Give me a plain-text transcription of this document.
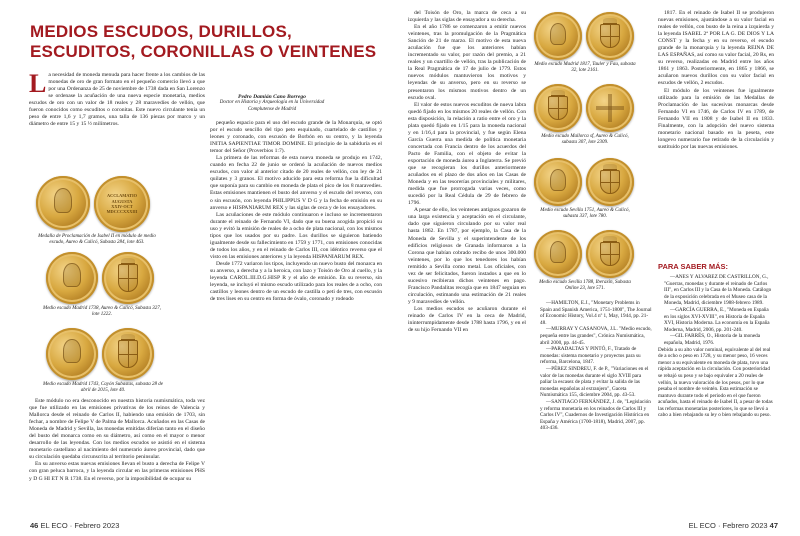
MEDIOS ESCUDOS, DURILLOS,
ESCUDITOS, CORONILLAS O VEINTENES
L a necesidad de moneda menuda para hacer frente a los cambios de las monedas de oro de gran formato en el pequeño comercio llevó a que por una Ordenanza de 25 de noviembre de 1738 dada en San Lorenzo se ordenase la acuñación de una nueva especie monetaria, medios escudos de oro con un valor de 18 reales y 28 maravedíes de vellón, que fueron conocidos como escuditos o coronitas. Este nuevo circulante tenía un peso de entre 1,6 y 1,7 gramos, una talla de 136 piezas por marco y un diámetro de entre 15 y 15 ½ milímetros.
Pedro Damián Cano Borrego
Doctor en Historia y Arqueología en la Universidad Complutense de Madrid
ACCLAMATIO
AUGUSTA
XXIV-OCT
MDCCCXXXIII
Medalla de Proclamación de Isabel II en módulo de medio escudo, Aureo & Calicó, Subasta 284, lote 463.
Medio escudo Madrid 1738, Aureo & Calicó, Subasta 327, lote 1222.
Medio escudo Madrid 1743, Cayón Subastas, subasta 28 de abril de 2015, lote 40.

Este módulo no era desconocido en nuestra historia numismática, toda vez que fue utilizado en las emisiones privativas de los reinos de Valencia y Mallorca desde el reinado de Carlos II, habiendo una emisión de 1703, sin fechar, a nombre de Felipe V de Palma de Mallorca. Acuñados en las Casas de Moneda de Madrid y Sevilla, las monedas emitidas diferían tanto en el diseño del busto del monarca como en su diámetro, así como en el mayor o menor desarrollo de las leyendas. Con los medios escudos se asistió en el sistema monetario castellano al nacimiento del numerario áureo provincial, dado que su circulación quedaba circunscrita al territorio peninsular.

En su anverso estas nuevas emisiones llevan el busto a derecha de Felipe V con gran peluca barroca, y la leyenda circular en las primeras emisiones PHS y D G HI ET N R 1738. En el reverso, por la imposibilidad de ocupar su

pequeño espacio para el uso del escudo grande de la Monarquía, se optó por el escudo sencillo del tipo peto esquinado, cuartelado de castillos y leones y coronado, con escusón de Borbón en su centro, y la leyenda INITIA SAPIENTIAE TIMOR DOMINE. El principio de la sabiduría es el temor del Señor (Proverbios 1:7).

La primera de las reformas de esta nueva moneda se produjo en 1742, cuando en fecha 22 de junio se ordenó la acuñación de nuevos medios escudos, con valor al anterior citado de 20 reales de vellón, con ley de 21 quilates y 3 granos. El motivo aducido para esta reforma fue la dificultad que suponía para su cambio en moneda de plata el pico de los 8 maravedíes. Estas emisiones mantienen el busto del anverso y el escudo del reverso, con o sin escusón, con leyenda PHILIPPUS V D G y la fecha de emisión en su anverso e HISPANIARUM REX y las siglas de ceca y de los ensayadores.

Las acuñaciones de este módulo continuaron e incluso se incrementaron durante el reinado de Fernando VI, dado que su buena acogida propició su uso y evitó la emisión de reales de a ocho de plata nacional, con los mismos tipos que los usados por su padre. Los durillos se siguieron batiendo igualmente desde su fallecimiento en 1759 y 1771, con emisiones conocidas de todos los años, y en el reinado de Carlos III, con idéntico reverso que el visto en las emisiones anteriores y la leyenda HISPANIARUM REX.

Desde 1772 variaron los tipos, incluyendo un nuevo busto del monarca en su anverso, a derecha y a la heroica, con lazo y Toisón de Oro al cuello, y la leyenda CAROL.III.D.G.HISP R y el año de emisión. En su reverso, sin leyenda, se incluyó el mismo escudo utilizado para los reales de a ocho, con castillos y leones dentro de un escudo de castilla o peti de tres, con escusón de tres lises en su centro en forma de óvalo, coronado y rodeado

46 EL ECO · Febrero 2023

del Toisón de Oro, la marca de ceca a su izquierda y las siglas de ensayador a su derecha.

En el año 1786 se comenzaron a emitir nuevos veintenes, tras la promulgación de la Pragmática Sanción de 21 de marzo. El motivo de esta nueva acuñación fue que los anteriores habían incrementado su valor, por razón del premio, a 21 reales y un cuartillo de vellón, tras la publicación de la Real Pragmática de 17 de julio de 1779. Estos nuevos módulos mantuvieron los motivos y leyendas de su anverso, pero en su reverso se presentaron los mismos motivos dentro de un escudo oval.

El valor de estos nuevos escuditos de nueva labra quedó fijado en los mismos 20 reales de vellón. Con esta disposición, la relación a ratio entre el oro y la plata quedó fijado en 1/15 para la moneda nacional y en 1/16,4 para la provincial, y fue según Elena García Guerra una medida de política monetaria concertada con Francia dentro de los acuerdos del Pacto de Familia, con el objeto de evitar la exportación de moneda áurea a Inglaterra. Se previó que se recogieran los durillos anteriormente acuñados en el plazo de dos años en las Casas de Moneda y en las tesorerías provinciales y militares, medida que fue prorrogada varias veces, como sucedió por la Real Cédula de 29 de febrero de 1796.

A pesar de ello, los veintenes antiguos gozaron de una larga existencia y aceptación en el circulante, dado que siguieron circulando por su valor real hasta 1862. En 1787, por ejemplo, la Casa de la Moneda de Sevilla y el superintendente de los edificios religiosos de Granada informaron a la Corona que habían cobrado recibo de unos 300.000 veintenes, por lo que los tenedores los habían remitido a Sevilla como metal. Los oficiales, con vez de ser felicitados, fueron instados a que en lo sucesivo recibieran dichos veintenes en pago. Francisco Pandalitas recogía que en 1847 seguían en circulación, estimando una estimación de 21 reales y 9 maravedíes de vellón.

Los medios escudos se acuñaron durante el reinado de Carlos IV en la ceca de Madrid, ininterrumpidamente desde 1788 hasta 1796, y en el de su hijo Fernando VII en

Medio escudo Madrid 1817, Tauler y Fau, subasta 32, lote 2161.
Medio escudo Mallorca sf, Aureo & Calicó, subasta 307, lote 2309.
Medio escudo Sevilla 1751, Aureo & Calicó, subasta 337, lote 780.
Medio escudo Sevilla 1788, Iberaxin, Subasta Online 23, lote 571.

—HAMILTON, E.J., "Monetary Problems in Spain and Spanish America, 1751-1800", The Journal of Economic History, Vol.4 nº 1, May, 1944, pp. 21-48.

—MURRAY Y CASANOVA, J.L. "Medio escudo, pequeña entre las grandes", Crónica Numismática, abril 2000, pp. 44-45.

—PARADALTAS Y PINTÓ, F., Tratado de monedas: sistema monetario y proyectos para su reforma, Barcelona, 1847.

—PÉREZ SINDREU, F. de P., "Variaciones en el valor de las monedas durante el siglo XVIII para paliar la escasez de plata y evitar la salida de las monedas españolas al extranjero", Gaceta Numismática 155, diciembre 2004, pp. 43-53.

—SANTIAGO FERNÁNDEZ, J. de, "Legislación y reforma monetaria en los reinados de Carlos III y Carlos IV", Cuadernos de Investigación Histórica en España y América (1700-1818), Madrid, 2007, pp. 403-436.

1817. En el reinado de Isabel II se produjeron nuevas emisiones, ajustándose a su valor facial en reales de vellón, con busto de la reina a izquierda y la leyenda ISABEL 2ª POR LA G. DE DIOS Y LA CONST y la fecha y en su reverso, el escudo grande de la monarquía y la leyenda REINA DE LAS ESPAÑAS, así como su valor facial, 20 Rs, en su reverso, realizadas en Madrid entre los años 1861 y 1863. Posteriormente, en 1865 y 1866, se acuñaron nuevos durillos con su valor facial en escudos de vellón, 2 escudos.

El módulo de los veintenes fue igualmente utilizado para la emisión de las Medallas de Proclamación de las sucesivas monarcas desde Fernando VI en 1746, de Carlos IV en 1789, de Fernando VII en 1808 y de Isabel II en 1833. Finalmente, con la adopción del nuevo sistema monetario nacional basado en la peseta, este longevo numerario fue retirado de la circulación y sustituido por las nuevas emisiones.

PARA SABER MÁS:

—ANES Y ÁLVAREZ DE CASTRILLÓN, G., "Guerras, monedas y durante el reinado de Carlos III", en Carlos III y la Casa de la Moneda. Catálogo de la exposición celebrada en el Museo casa de la Moneda, Madrid, diciembre 1988-febrero 1989.

—GARCÍA GUERRA, E., "Moneda en España en los siglos XVI-XVIII", en Historia de España XVI, Historia Moderna. La economía en la España Moderna, Madrid, 2006, pp. 201-240.

—GIL FARRÉS, O., Historia de la moneda española, Madrid, 1976.

Debido a su alto valor nominal, equivalente al del real de a ocho o peso en 1728, y su menor peso, 16 veces menor a su equivalente en moneda de plata, tuvo una rápida aceptación en la circulación. Con posterioridad se rebajó su peso y se bajo equivaler a 20 reales de vellón, la nueva valoración de los pesos, por lo que pesaba el nombre de veintén. Esta estimación se mantuvo durante todo el periodo en el que fueron acuñados, hasta el reinado de Isabel II, a pesar de todas las reformas monetarias posteriores, lo que se llevó a cabo a bien rebajando su ley o bien rebajando su peso.

EL ECO · Febrero 2023 47
